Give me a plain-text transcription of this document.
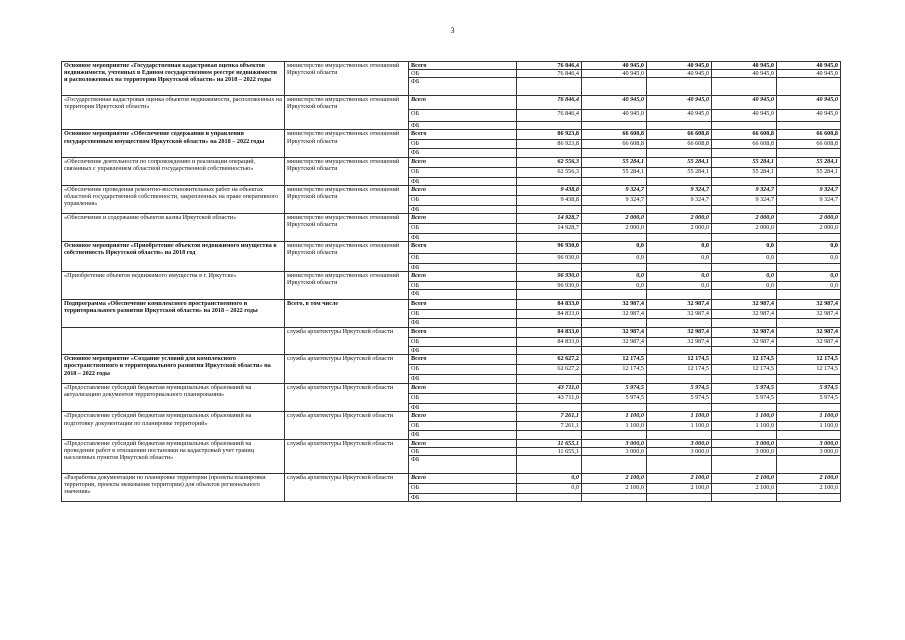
3
Основное мероприятие «Государственная кадастровая оценка объектов недвижимости, учтенных в Едином государственном реестре недвижимости и расположенных на территории Иркутской области» на 2018 – 2022 годы	министерство имущественных отношений Иркутской области	Всего	76 846,4	40 945,0	40 945,0	40 945,0	40 945,0
		ОБ	76 846,4	40 945,0	40 945,0	40 945,0	40 945,0
		ФБ					
«Государственная кадастровая оценка объектов недвижимости, расположенных на территории Иркутской области»	министерство имущественных отношений Иркутской области	Всего	76 846,4	40 945,0	40 945,0	40 945,0	40 945,0
		ОБ	76 846,4	40 945,0	40 945,0	40 945,0	40 945,0
		ФБ					
Основное мероприятие «Обеспечение содержания и управления государственным имуществом Иркутской области» на 2018 – 2022 годы	министерство имущественных отношений Иркутской области	Всего	86 923,8	66 608,8	66 608,8	66 608,8	66 608,8
		ОБ	86 923,8	66 608,8	66 608,8	66 608,8	66 608,8
		ФБ					
«Обеспечение деятельности по сопровождению и реализации операций, связанных с управлением областной государственной собственностью»	министерство имущественных отношений Иркутской области	Всего	62 556,3	55 284,1	55 284,1	55 284,1	55 284,1
		ОБ	62 556,3	55 284,1	55 284,1	55 284,1	55 284,1
		ФБ					
«Обеспечение проведения ремонтно-восстановительных работ на объектах областной государственной собственности, закрепленных на праве оперативного управления»	министерство имущественных отношений Иркутской области	Всего	9 438,8	9 324,7	9 324,7	9 324,7	9 324,7
		ОБ	9 438,8	9 324,7	9 324,7	9 324,7	9 324,7
		ФБ					
«Обеспечение и содержание объектов казны Иркутской области»	министерство имущественных отношений Иркутской области	Всего	14 928,7	2 000,0	2 000,0	2 000,0	2 000,0
		ОБ	14 928,7	2 000,0	2 000,0	2 000,0	2 000,0
		ФБ					
Основное мероприятие «Приобретение объектов недвижимого имущества в собственность Иркутской области» на 2018 год	министерство имущественных отношений Иркутской области	Всего	96 930,0	0,0	0,0	0,0	0,0
		ОБ	96 930,0	0,0	0,0	0,0	0,0
		ФБ					
«Приобретение объектов недвижимого имущества в г. Иркутске»	министерство имущественных отношений Иркутской области	Всего	96 930,0	0,0	0,0	0,0	0,0
		ОБ	96 930,0	0,0	0,0	0,0	0,0
		ФБ					
Подпрограмма «Обеспечение комплексного пространственного и территориального развития Иркутской области» на 2018 – 2022 годы	Всего, в том числе	Всего	84 833,0	32 987,4	32 987,4	32 987,4	32 987,4
		ОБ	84 833,0	32 987,4	32 987,4	32 987,4	32 987,4
		ФБ					
	служба архитектуры Иркутской области	Всего	84 833,0	32 987,4	32 987,4	32 987,4	32 987,4
		ОБ	84 833,0	32 987,4	32 987,4	32 987,4	32 987,4
		ФБ					
Основное мероприятие «Создание условий для комплексного пространственного и территориального развития Иркутской области» на 2018 – 2022 годы	служба архитектуры Иркутской области	Всего	62 627,2	12 174,5	12 174,5	12 174,5	12 174,5
		ОБ	62 627,2	12 174,5	12 174,5	12 174,5	12 174,5
		ФБ					
«Предоставление субсидий бюджетам муниципальных образований на актуализацию документов территориального планирования»	служба архитектуры Иркутской области	Всего	43 711,0	5 974,5	5 974,5	5 974,5	5 974,5
		ОБ	43 711,0	5 974,5	5 974,5	5 974,5	5 974,5
		ФБ					
«Предоставление субсидий бюджетам муниципальных образований на подготовку документации по планировке территорий»	служба архитектуры Иркутской области	Всего	7 261,1	1 100,0	1 100,0	1 100,0	1 100,0
		ОБ	7 261,1	1 100,0	1 100,0	1 100,0	1 100,0
		ФБ					
«Предоставление субсидий бюджетам муниципальных образований на проведение работ в отношении постановки на кадастровый учет границ населенных пунктов Иркутской области»	служба архитектуры Иркутской области	Всего	11 655,1	3 000,0	3 000,0	3 000,0	3 000,0
		ОБ	11 655,1	3 000,0	3 000,0	3 000,0	3 000,0
		ФБ					
«Разработка документации по планировке территории (проекты планировки территории, проекты межевания территории) для объектов регионального значения»	служба архитектуры Иркутской области	Всего	0,0	2 100,0	2 100,0	2 100,0	2 100,0
		ОБ	0,0	2 100,0	2 100,0	2 100,0	2 100,0
		ФБ					
